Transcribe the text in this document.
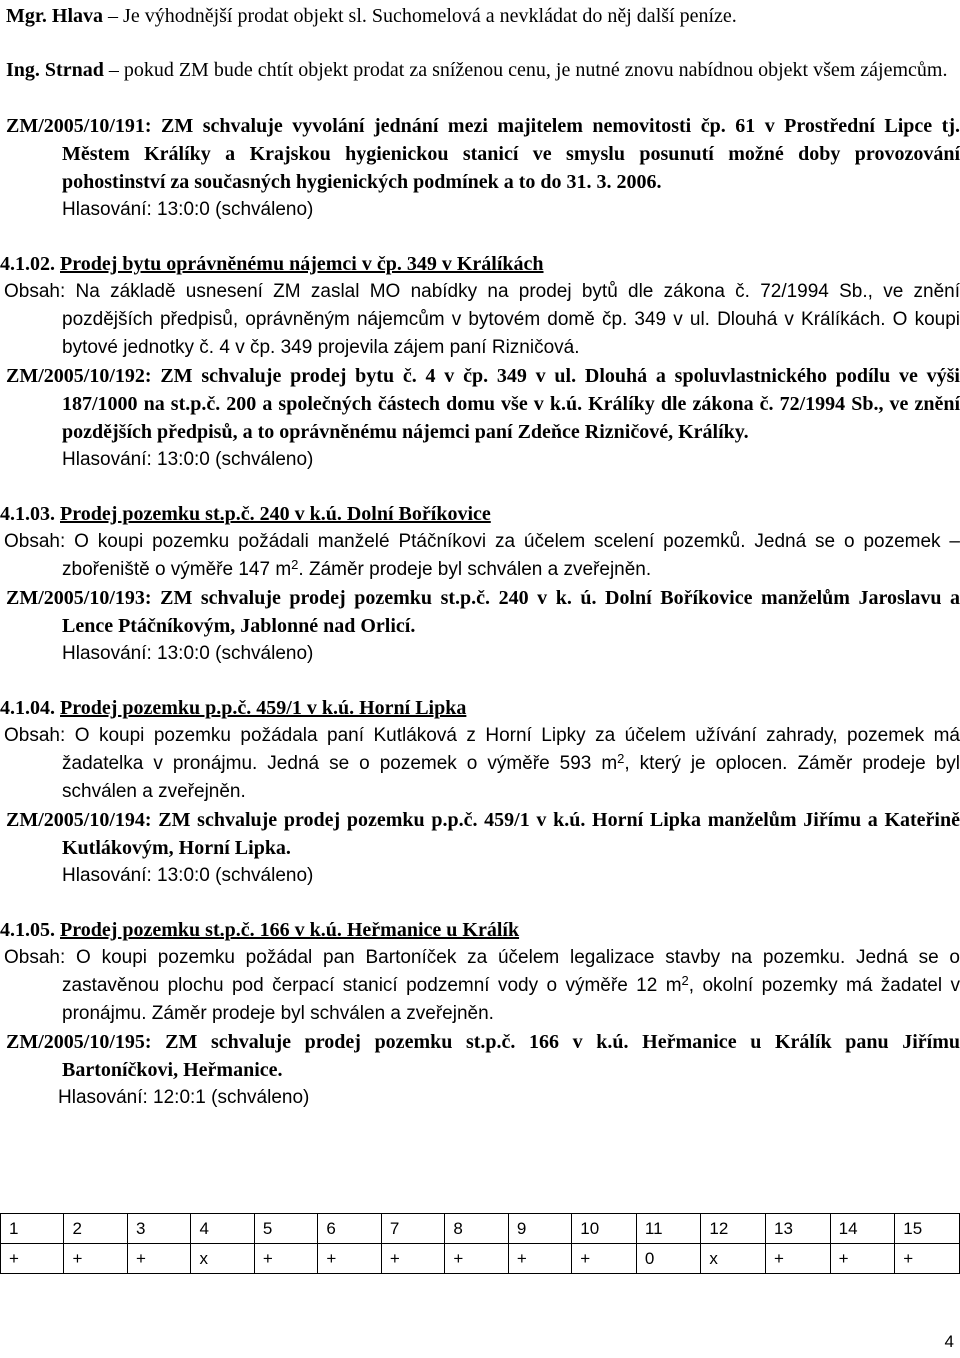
Mgr. Hlava – Je výhodnější prodat objekt sl. Suchomelová a nevkládat do něj další peníze.

Ing. Strnad – pokud ZM bude chtít objekt prodat za sníženou cenu, je nutné znovu nabídnou objekt všem zájemcům.

ZM/2005/10/191: ZM schvaluje vyvolání jednání mezi majitelem nemovitosti čp. 61 v Prostřední Lipce tj. Městem Králíky a Krajskou hygienickou stanicí ve smyslu posunutí možné doby provozování pohostinství za současných hygienických podmínek a to do 31. 3. 2006.

Hlasování: 13:0:0 (schváleno)

4.1.02. Prodej bytu oprávněnému nájemci v čp. 349 v Králíkách

Obsah: Na základě usnesení ZM zaslal MO nabídky na prodej bytů dle zákona č. 72/1994 Sb., ve znění pozdějších předpisů, oprávněným nájemcům v bytovém domě čp. 349 v ul. Dlouhá v Králíkách. O koupi bytové jednotky č. 4 v čp. 349 projevila zájem paní Rizničová.

ZM/2005/10/192: ZM schvaluje prodej bytu č. 4 v čp. 349 v ul. Dlouhá a spoluvlastnického podílu ve výši 187/1000 na st.p.č. 200 a společných částech domu vše v k.ú. Králíky dle zákona č. 72/1994 Sb., ve znění pozdějších předpisů, a to oprávněnému nájemci paní Zdeňce Rizničové, Králíky.

Hlasování: 13:0:0 (schváleno)

4.1.03. Prodej pozemku st.p.č. 240 v k.ú. Dolní Boříkovice

Obsah: O koupi pozemku požádali manželé Ptáčníkovi za účelem scelení pozemků. Jedná se o pozemek – zbořeniště o výměře 147 $m^2$. Záměr prodeje byl schválen a zveřejněn.

ZM/2005/10/193: ZM schvaluje prodej pozemku st.p.č. 240 v k. ú. Dolní Boříkovice manželům Jaroslavu a Lence Ptáčníkovým, Jablonné nad Orlicí.

Hlasování: 13:0:0 (schváleno)

4.1.04. Prodej pozemku p.p.č. 459/1 v k.ú. Horní Lipka

Obsah: O koupi pozemku požádala paní Kutláková z Horní Lipky za účelem užívání zahrady, pozemek má žadatelka v pronájmu. Jedná se o pozemek o výměře 593 $m^2$, který je oplocen. Záměr prodeje byl schválen a zveřejněn.

ZM/2005/10/194: ZM schvaluje prodej pozemku p.p.č. 459/1 v k.ú. Horní Lipka manželům Jiřímu a Kateřině Kutlákovým, Horní Lipka.

Hlasování: 13:0:0 (schváleno)

4.1.05. Prodej pozemku st.p.č. 166 v k.ú. Heřmanice u Králík

Obsah: O koupi pozemku požádal pan Bartoníček za účelem legalizace stavby na pozemku. Jedná se o zastavěnou plochu pod čerpací stanicí podzemní vody o výměře 12 $m^2$, okolní pozemky má žadatel v pronájmu. Záměr prodeje byl schválen a zveřejněn.

ZM/2005/10/195: ZM schvaluje prodej pozemku st.p.č. 166 v k.ú. Heřmanice u Králík panu Jiřímu Bartoníčkovi, Heřmanice.

Hlasování: 12:0:1 (schváleno)

1	2	3	4	5	6	7	8	9	10	11	12	13	14	15
+	+	+	x	+	+	+	+	+	+	0	x	+	+	+
4
